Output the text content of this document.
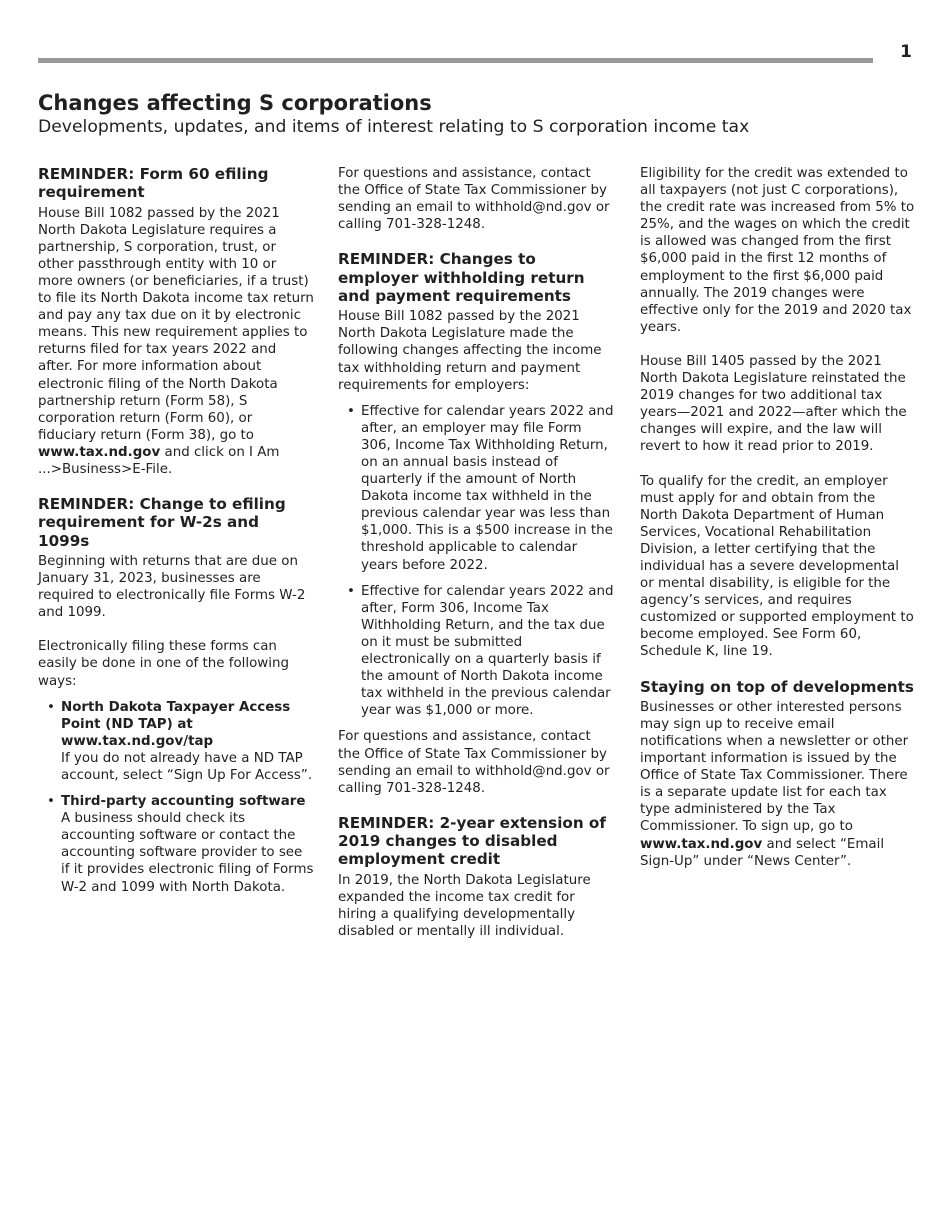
1
Changes affecting S corporations
Developments, updates, and items of interest relating to S corporation income tax
REMINDER: Form 60 efiling requirement

House Bill 1082 passed by the 2021 North Dakota Legislature requires a partnership, S corporation, trust, or other passthrough entity with 10 or more owners (or beneficiaries, if a trust) to file its North Dakota income tax return and pay any tax due on it by electronic means. This new requirement applies to returns filed for tax years 2022 and after. For more information about electronic filing of the North Dakota partnership return (Form 58), S corporation return (Form 60), or fiduciary return (Form 38), go to www.tax.nd.gov and click on I Am ...>Business>E-File.

REMINDER: Change to efiling requirement for W-2s and 1099s

Beginning with returns that are due on January 31, 2023, businesses are required to electronically file Forms W-2 and 1099.

Electronically filing these forms can easily be done in one of the following ways:

• North Dakota Taxpayer Access Point (ND TAP) at www.tax.nd.gov/tap
If you do not already have a ND TAP account, select “Sign Up For Access”.
• Third-party accounting software
A business should check its accounting software or contact the accounting software provider to see if it provides electronic filing of Forms W-2 and 1099 with North Dakota.

For questions and assistance, contact the Office of State Tax Commissioner by sending an email to withhold@nd.gov or calling 701-328-1248.

REMINDER: Changes to employer withholding return and payment requirements

House Bill 1082 passed by the 2021 North Dakota Legislature made the following changes affecting the income tax withholding return and payment requirements for employers:

• Effective for calendar years 2022 and after, an employer may file Form 306, Income Tax Withholding Return, on an annual basis instead of quarterly if the amount of North Dakota income tax withheld in the previous calendar year was less than $1,000. This is a $500 increase in the threshold applicable to calendar years before 2022.
• Effective for calendar years 2022 and after, Form 306, Income Tax Withholding Return, and the tax due on it must be submitted electronically on a quarterly basis if the amount of North Dakota income tax withheld in the previous calendar year was $1,000 or more.

For questions and assistance, contact the Office of State Tax Commissioner by sending an email to withhold@nd.gov or calling 701-328-1248.

REMINDER: 2-year extension of 2019 changes to disabled employment credit

In 2019, the North Dakota Legislature expanded the income tax credit for hiring a qualifying developmentally disabled or mentally ill individual.

Eligibility for the credit was extended to all taxpayers (not just C corporations), the credit rate was increased from 5% to 25%, and the wages on which the credit is allowed was changed from the first $6,000 paid in the first 12 months of employment to the first $6,000 paid annually. The 2019 changes were effective only for the 2019 and 2020 tax years.

House Bill 1405 passed by the 2021 North Dakota Legislature reinstated the 2019 changes for two additional tax years—2021 and 2022—after which the changes will expire, and the law will revert to how it read prior to 2019.

To qualify for the credit, an employer must apply for and obtain from the North Dakota Department of Human Services, Vocational Rehabilitation Division, a letter certifying that the individual has a severe developmental or mental disability, is eligible for the agency’s services, and requires customized or supported employment to become employed. See Form 60, Schedule K, line 19.

Staying on top of developments

Businesses or other interested persons may sign up to receive email notifications when a newsletter or other important information is issued by the Office of State Tax Commissioner. There is a separate update list for each tax type administered by the Tax Commissioner. To sign up, go to www.tax.nd.gov and select “Email Sign-Up” under “News Center”.
